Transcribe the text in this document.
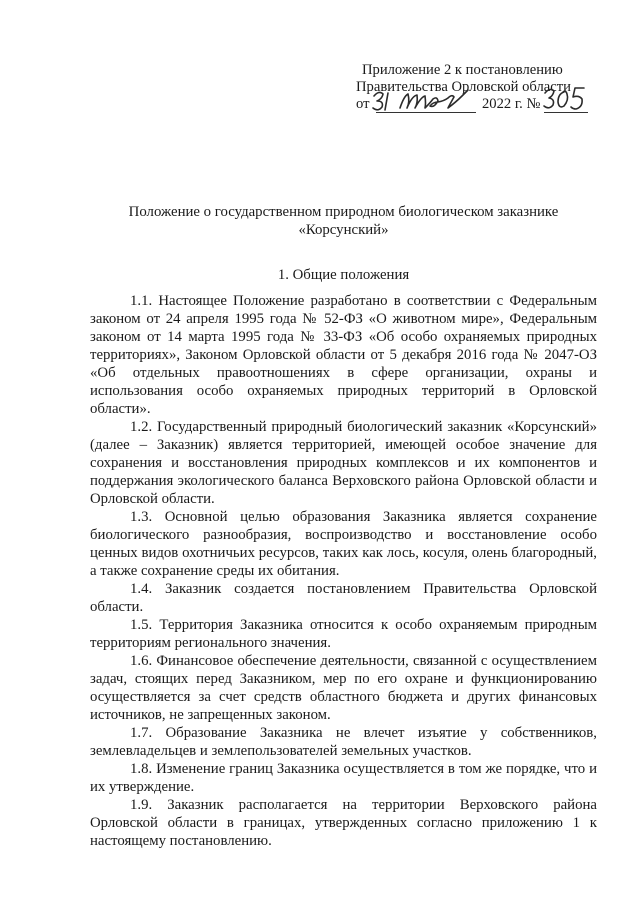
Приложение 2 к постановлению
Правительства Орловской области
от	2022 г. №
Положение о государственном природном биологическом заказнике
«Корсунский»
1. Общие положения

1.1. Настоящее Положение разработано в соответствии с Федеральным законом от 24 апреля 1995 года № 52-ФЗ «О животном мире», Федеральным законом от 14 марта 1995 года № 33-ФЗ «Об особо охраняемых природных территориях», Законом Орловской области от 5 декабря 2016 года № 2047-ОЗ «Об отдельных правоотношениях в сфере организации, охраны и использования особо охраняемых природных территорий в Орловской области».

1.2. Государственный природный биологический заказник «Корсунский» (далее – Заказник) является территорией, имеющей особое значение для сохранения и восстановления природных комплексов и их компонентов и поддержания экологического баланса Верховского района Орловской области и Орловской области.

1.3. Основной целью образования Заказника является сохранение биологического разнообразия, воспроизводство и восстановление особо ценных видов охотничьих ресурсов, таких как лось, косуля, олень благородный, а также сохранение среды их обитания.

1.4. Заказник создается постановлением Правительства Орловской области.

1.5. Территория Заказника относится к особо охраняемым природным территориям регионального значения.

1.6. Финансовое обеспечение деятельности, связанной с осуществлением задач, стоящих перед Заказником, мер по его охране и функционированию осуществляется за счет средств областного бюджета и других финансовых источников, не запрещенных законом.

1.7. Образование Заказника не влечет изъятие у собственников, землевладельцев и землепользователей земельных участков.

1.8. Изменение границ Заказника осуществляется в том же порядке, что и их утверждение.

1.9. Заказник располагается на территории Верховского района Орловской области в границах, утвержденных согласно приложению 1 к настоящему постановлению.
